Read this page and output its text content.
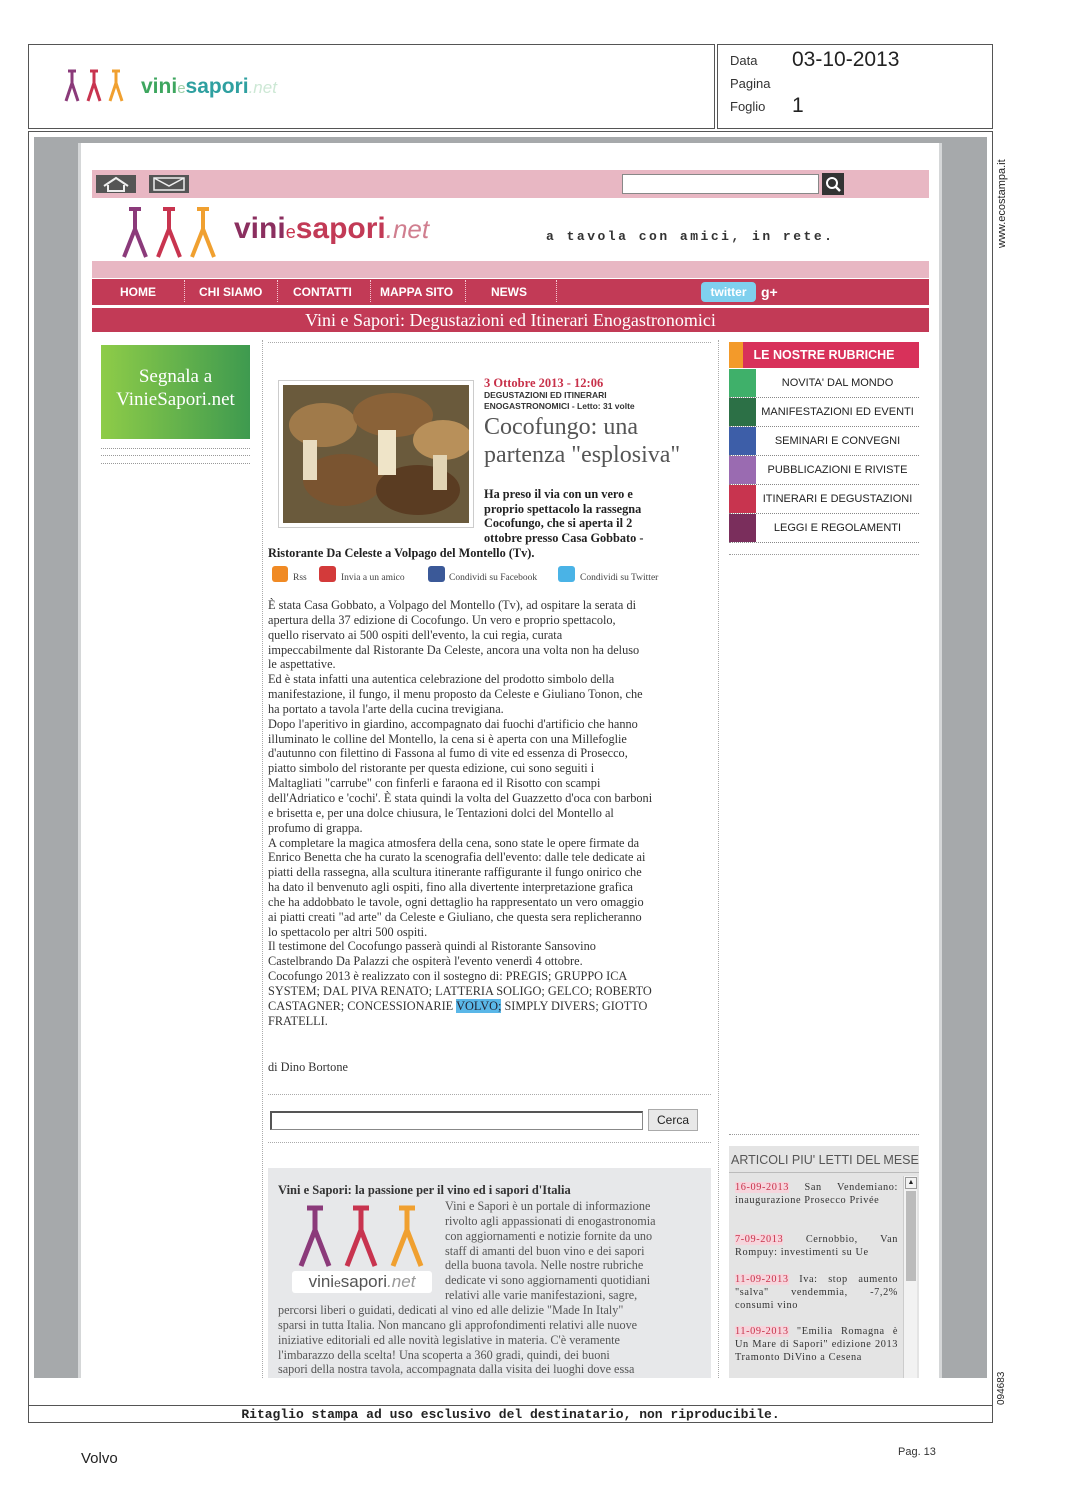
viniesapori.net
Data 03-10-2013
Pagina
Foglio 1
www.ecostampa.it
094683
viniesapori.net	a tavola con amici, in rete.
HOME	CHI SIAMO	CONTATTI MAPPA SITO	NEWS	twitter	g+
Vini e Sapori: Degustazioni ed Itinerari Enogastronomici
Segnala a
VinieSapori.net
3 Ottobre 2013 - 12:06
DEGUSTAZIONI ED ITINERARI
ENOGASTRONOMICI - Letto: 31 volte
Cocofungo: una
partenza "esplosiva"
Ha preso il via con un vero e
proprio spettacolo la rassegna
Cocofungo, che si aperta il 2
ottobre presso Casa Gobbato -
Ristorante Da Celeste a Volpago del Montello (Tv).
Rss	Invia a un amico	Condividi su Facebook	Condividi su Twitter
È stata Casa Gobbato, a Volpago del Montello (Tv), ad ospitare la serata di
apertura della 37 edizione di Cocofungo. Un vero e proprio spettacolo,
quello riservato ai 500 ospiti dell'evento, la cui regia, curata
impeccabilmente dal Ristorante Da Celeste, ancora una volta non ha deluso
le aspettative.
Ed è stata infatti una autentica celebrazione del prodotto simbolo della
manifestazione, il fungo, il menu proposto da Celeste e Giuliano Tonon, che
ha portato a tavola l'arte della cucina trevigiana.
Dopo l'aperitivo in giardino, accompagnato dai fuochi d'artificio che hanno
illuminato le colline del Montello, la cena si è aperta con una Millefoglie
d'autunno con filettino di Fassona al fumo di vite ed essenza di Prosecco,
piatto simbolo del ristorante per questa edizione, cui sono seguiti i
Maltagliati "carrube" con finferli e faraona ed il Risotto con scampi
dell'Adriatico e 'cochi'. È stata quindi la volta del Guazzetto d'oca con barboni
e brisetta e, per una dolce chiusura, le Tentazioni dolci del Montello al
profumo di grappa.
A completare la magica atmosfera della cena, sono state le opere firmate da
Enrico Benetta che ha curato la scenografia dell'evento: dalle tele dedicate ai
piatti della rassegna, alla scultura itinerante raffigurante il fungo onirico che
ha dato il benvenuto agli ospiti, fino alla divertente interpretazione grafica
che ha addobbato le tavole, ogni dettaglio ha rappresentato un vero omaggio
ai piatti creati "ad arte" da Celeste e Giuliano, che questa sera replicheranno
lo spettacolo per altri 500 ospiti.
Il testimone del Cocofungo passerà quindi al Ristorante Sansovino
Castelbrando Da Palazzi che ospiterà l'evento venerdì 4 ottobre.
Cocofungo 2013 è realizzato con il sostegno di: PREGIS; GRUPPO ICA
SYSTEM; DAL PIVA RENATO; LATTERIA SOLIGO; GELCO; ROBERTO
CASTAGNER; CONCESSIONARIE VOLVO; SIMPLY DIVERS; GIOTTO
FRATELLI.
di Dino Bortone
Cerca
Vini e Sapori: la passione per il vino ed i sapori d'Italia
viniesapori.net
Vini e Sapori è un portale di informazione
rivolto agli appassionati di enogastronomia
con aggiornamenti e notizie fornite da uno
staff di amanti del buon vino e dei sapori
della buona tavola. Nelle nostre rubriche
dedicate vi sono aggiornamenti quotidiani
relativi alle varie manifestazioni, sagre,
percorsi liberi o guidati, dedicati al vino ed alle delizie "Made In Italy"
sparsi in tutta Italia. Non mancano gli approfondimenti relativi alle nuove
iniziative editoriali ed alle novità legislative in materia. C'è veramente
l'imbarazzo della scelta! Una scoperta a 360 gradi, quindi, dei buoni
sapori della nostra tavola, accompagnata dalla visita dei luoghi dove essa
LE NOSTRE RUBRICHE
NOVITA' DAL MONDO
MANIFESTAZIONI ED EVENTI
SEMINARI E CONVEGNI
PUBBLICAZIONI E RIVISTE
ITINERARI E DEGUSTAZIONI
LEGGI E REGOLAMENTI
ARTICOLI PIU' LETTI DEL MESE
▲
16-09-2013 San Vendemiano: inaugurazione Prosecco Privée
7-09-2013 Cernobbio, Van Rompuy: investimenti su Ue
11-09-2013 Iva: stop aumento "salva" vendemmia, -7,2% consumi vino
11-09-2013 "Emilia Romagna è Un Mare di Sapori" edizione 2013 Tramonto DiVino a Cesena
Ritaglio stampa ad uso esclusivo del destinatario, non riproducibile.
Volvo	Pag. 13
